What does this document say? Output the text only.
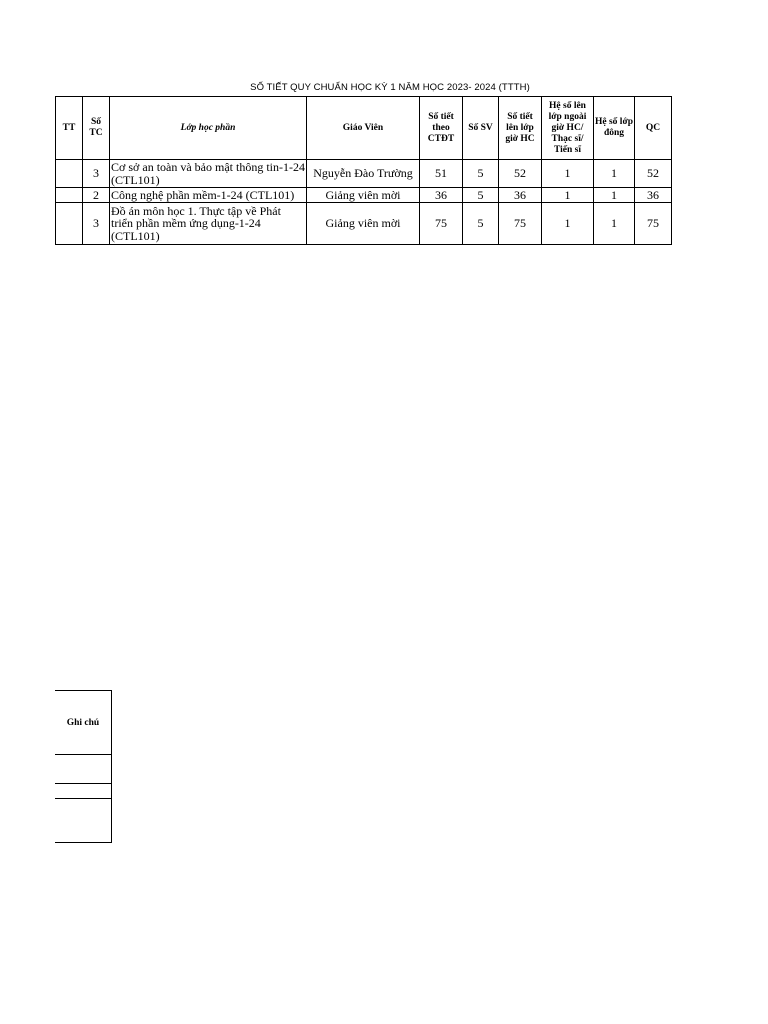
SỐ TIẾT QUY CHUẨN HỌC KỲ 1 NĂM HỌC 2023- 2024 (TTTH)
TT	Số TC	Lớp học phần	Giáo Viên	Số tiết theo CTĐT	Số SV	Số tiết lên lớp giờ HC	Hệ số lên lớp ngoài giờ HC/ Thạc sĩ/ Tiến sĩ	Hệ số lớp đông	QC
	3	Cơ sở an toàn và bảo mật thông tin-1-24 (CTL101)	Nguyễn Đào Trường	51	5	52	1	1	52
	2	Công nghệ phần mềm-1-24 (CTL101)	Giảng viên mời	36	5	36	1	1	36
	3	Đồ án môn học 1. Thực tập về Phát triển phần mềm ứng dụng-1-24 (CTL101)	Giảng viên mời	75	5	75	1	1	75
Ghi chú
